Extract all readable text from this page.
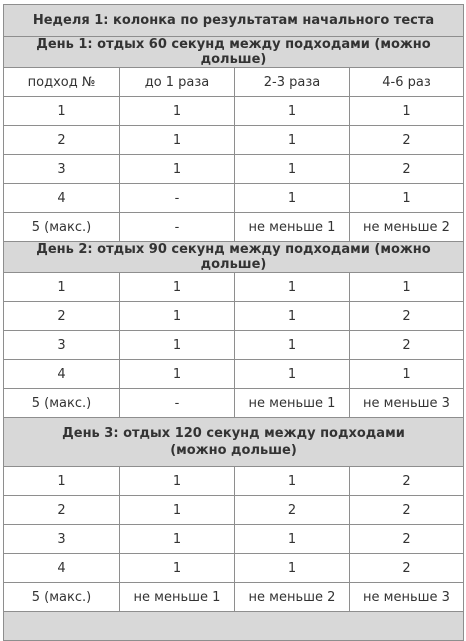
Неделя 1: колонка по результатам начального теста			
День 1: отдых 60 секунд между подходами (можно дольше)			
подход №	до 1 раза	2-3 раза	4-6 раз
1	1	1	1
2	1	1	2
3	1	1	2
4	-	1	1
5 (макс.)	-	не меньше 1	не меньше 2
День 2: отдых 90 секунд между подходами (можно дольше)			
1	1	1	1
2	1	1	2
3	1	1	2
4	1	1	1
5 (макс.)	-	не меньше 1	не меньше 3
День 3: отдых 120 секунд между подходами
(можно дольше)			
1	1	1	2
2	1	2	2
3	1	1	2
4	1	1	2
5 (макс.)	не меньше 1	не меньше 2	не меньше 3
